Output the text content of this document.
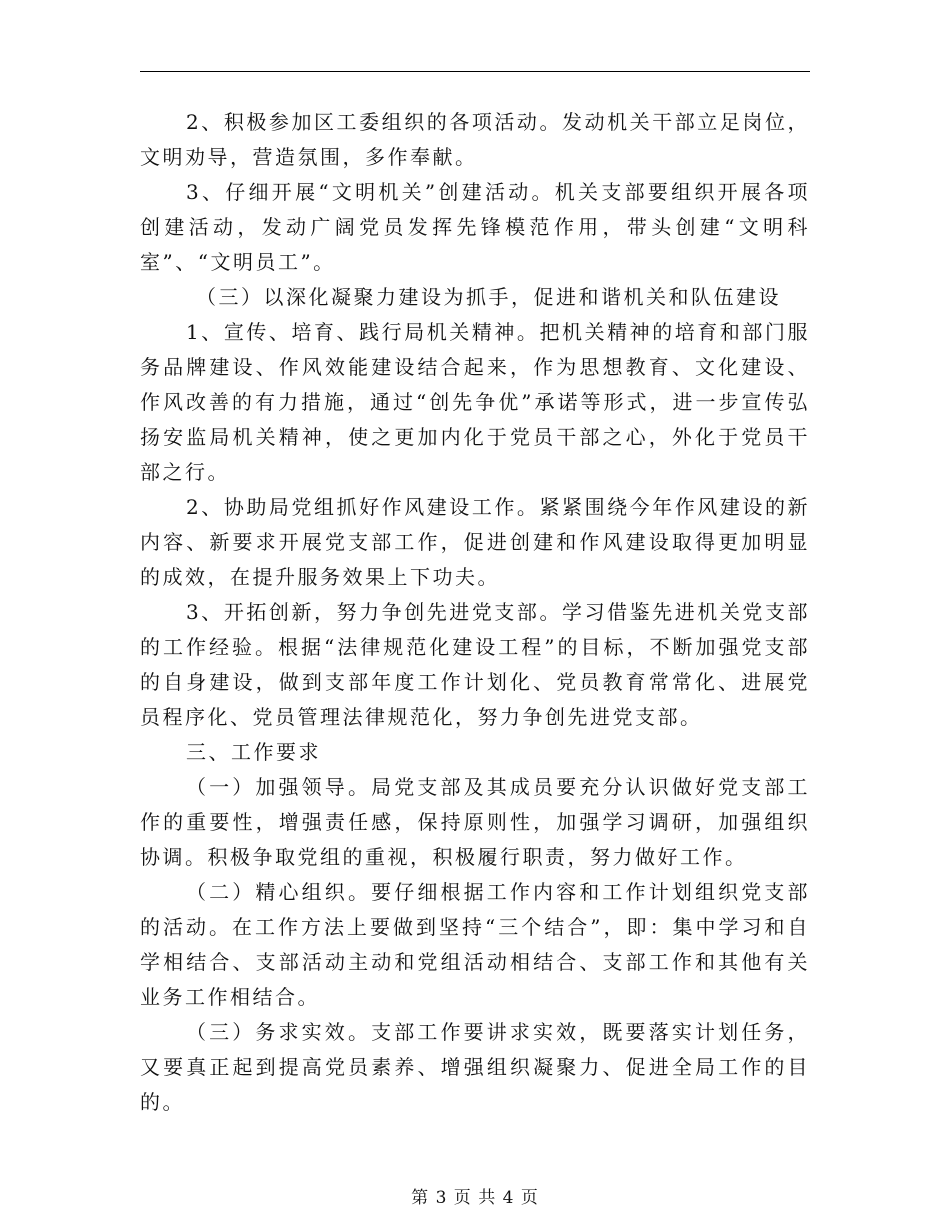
2、积极参加区工委组织的各项活动。发动机关干部立足岗位，文明劝导，营造氛围，多作奉献。

3、仔细开展“文明机关”创建活动。机关支部要组织开展各项创建活动，发动广阔党员发挥先锋模范作用，带头创建“文明科室”、“文明员工”。

（三）以深化凝聚力建设为抓手，促进和谐机关和队伍建设

1、宣传、培育、践行局机关精神。把机关精神的培育和部门服务品牌建设、作风效能建设结合起来，作为思想教育、文化建设、作风改善的有力措施，通过“创先争优”承诺等形式，进一步宣传弘扬安监局机关精神，使之更加内化于党员干部之心，外化于党员干部之行。

2、协助局党组抓好作风建设工作。紧紧围绕今年作风建设的新内容、新要求开展党支部工作，促进创建和作风建设取得更加明显的成效，在提升服务效果上下功夫。

3、开拓创新，努力争创先进党支部。学习借鉴先进机关党支部的工作经验。根据“法律规范化建设工程”的目标，不断加强党支部的自身建设，做到支部年度工作计划化、党员教育常常化、进展党员程序化、党员管理法律规范化，努力争创先进党支部。

三、工作要求

（一）加强领导。局党支部及其成员要充分认识做好党支部工作的重要性，增强责任感，保持原则性，加强学习调研，加强组织协调。积极争取党组的重视，积极履行职责，努力做好工作。

（二）精心组织。要仔细根据工作内容和工作计划组织党支部的活动。在工作方法上要做到坚持“三个结合”，即：集中学习和自学相结合、支部活动主动和党组活动相结合、支部工作和其他有关业务工作相结合。

（三）务求实效。支部工作要讲求实效，既要落实计划任务，又要真正起到提高党员素养、增强组织凝聚力、促进全局工作的目的。

第 3 页 共 4 页
